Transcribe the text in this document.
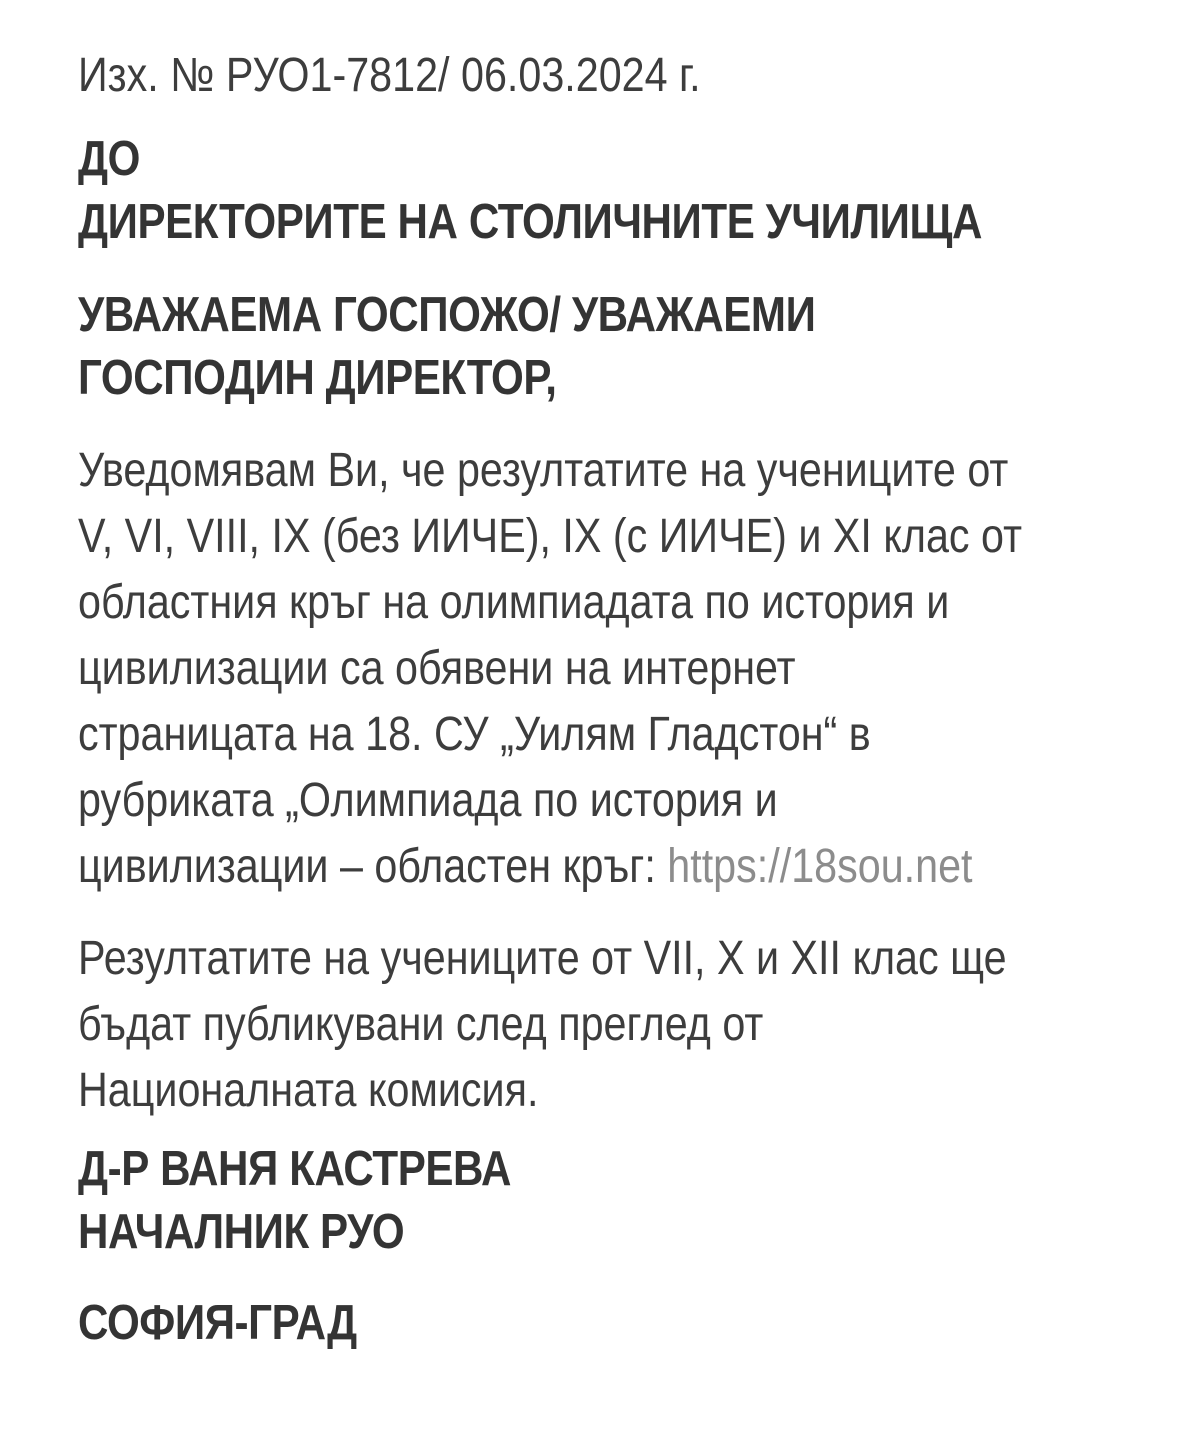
Изх. № РУО1-7812/ 06.03.2024 г.

ДО
ДИРЕКТОРИТЕ НА СТОЛИЧНИТЕ УЧИЛИЩА
УВАЖАЕМА ГОСПОЖО/ УВАЖАЕМИ
ГОСПОДИН ДИРЕКТОР,

Уведомявам Ви, че резултатите на учениците от
V, VI, VIII, IX (без ИИЧЕ), IX (с ИИЧЕ) и XI клас от
областния кръг на олимпиадата по история и
цивилизации са обявени на интернет
страницата на 18. СУ „Уилям Гладстон“ в
рубриката „Олимпиада по история и
цивилизации – областен кръг: https://18sou.net

Резултатите на учениците от VII, X и XII клас ще
бъдат публикувани след преглед от
Националната комисия.

Д-Р ВАНЯ КАСТРЕВА
НАЧАЛНИК РУО
СОФИЯ-ГРАД
